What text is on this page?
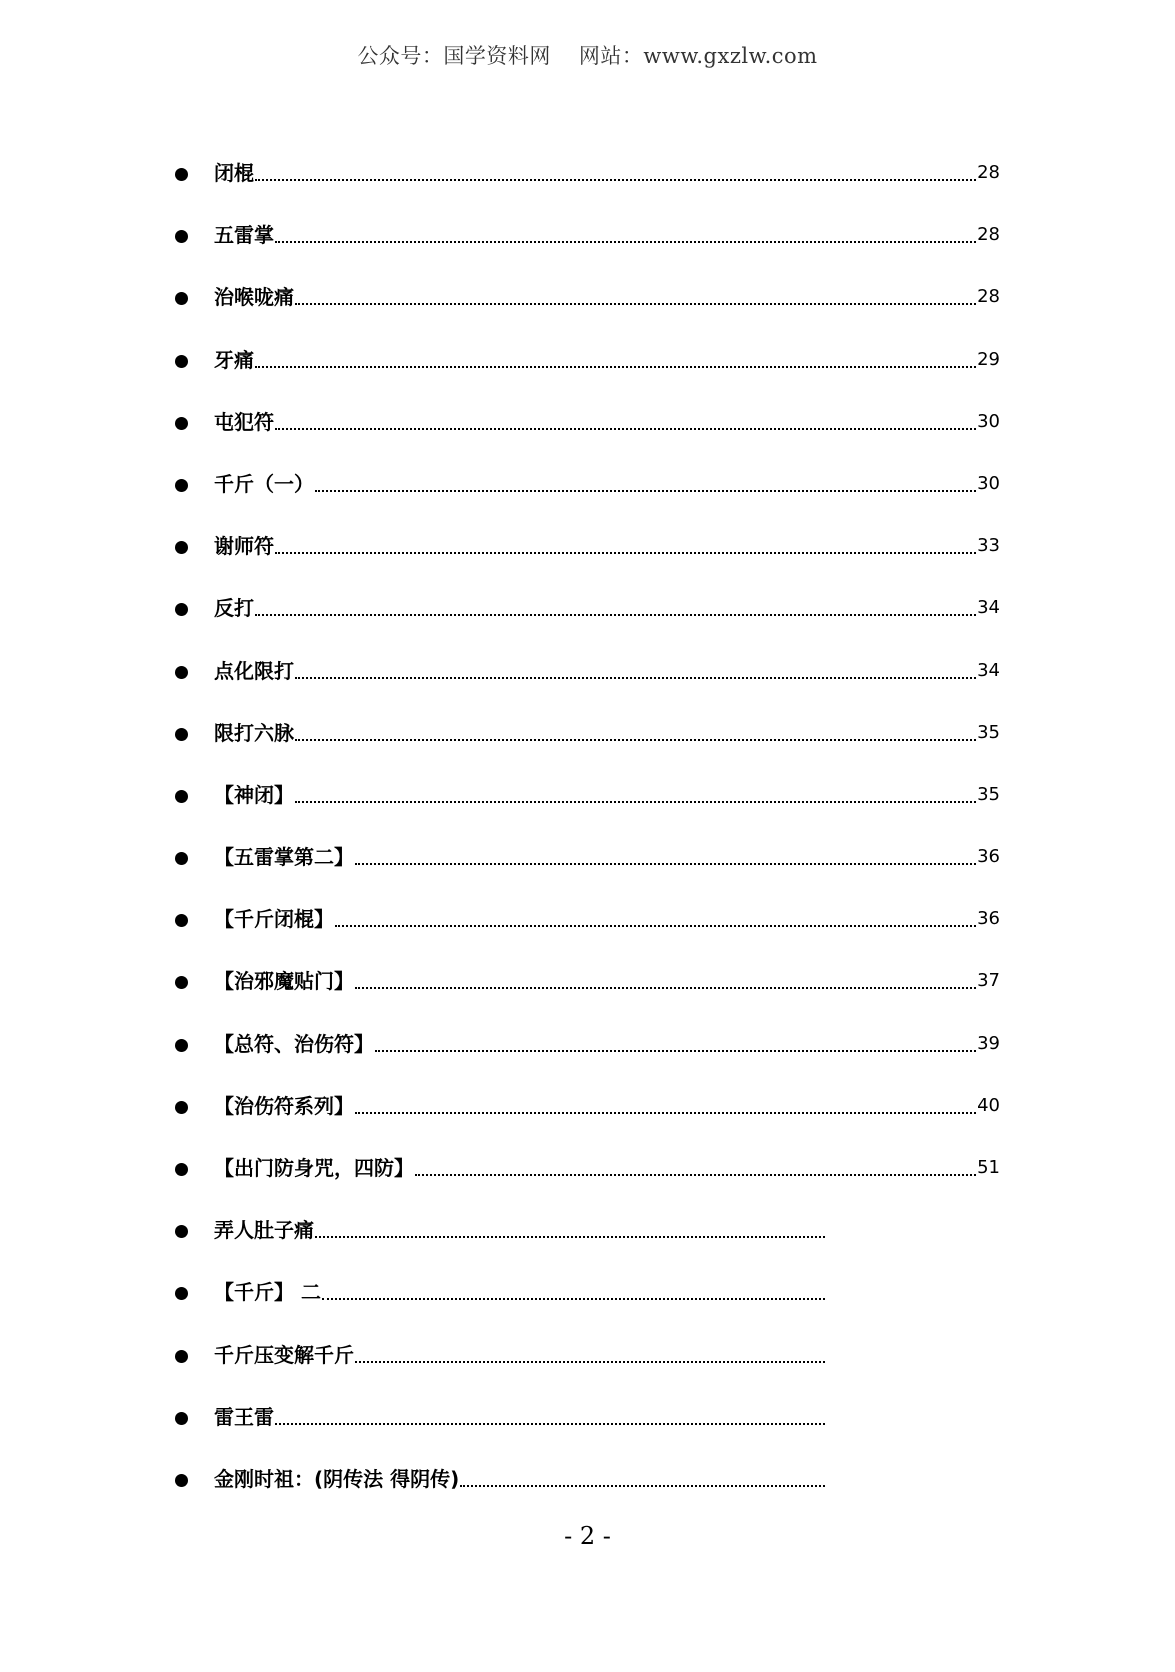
公众号：国学资料网 网站：www.gxzlw.com
闭棍	28
五雷掌	28
治喉咙痛	28
牙痛	29
屯犯符	30
千斤（一）	30
谢师符	33
反打	34
点化限打	34
限打六脉	35
【神闭】	35
【五雷掌第二】	36
【千斤闭棍】	36
【治邪魔贴门】	37
【总符、治伤符】	39
【治伤符系列】	40
【出门防身咒，四防】	51
弄人肚子痛
【千斤】 二
千斤压变解千斤
雷王雷
金刚时祖：(阴传法 得阴传)
- 2 -
